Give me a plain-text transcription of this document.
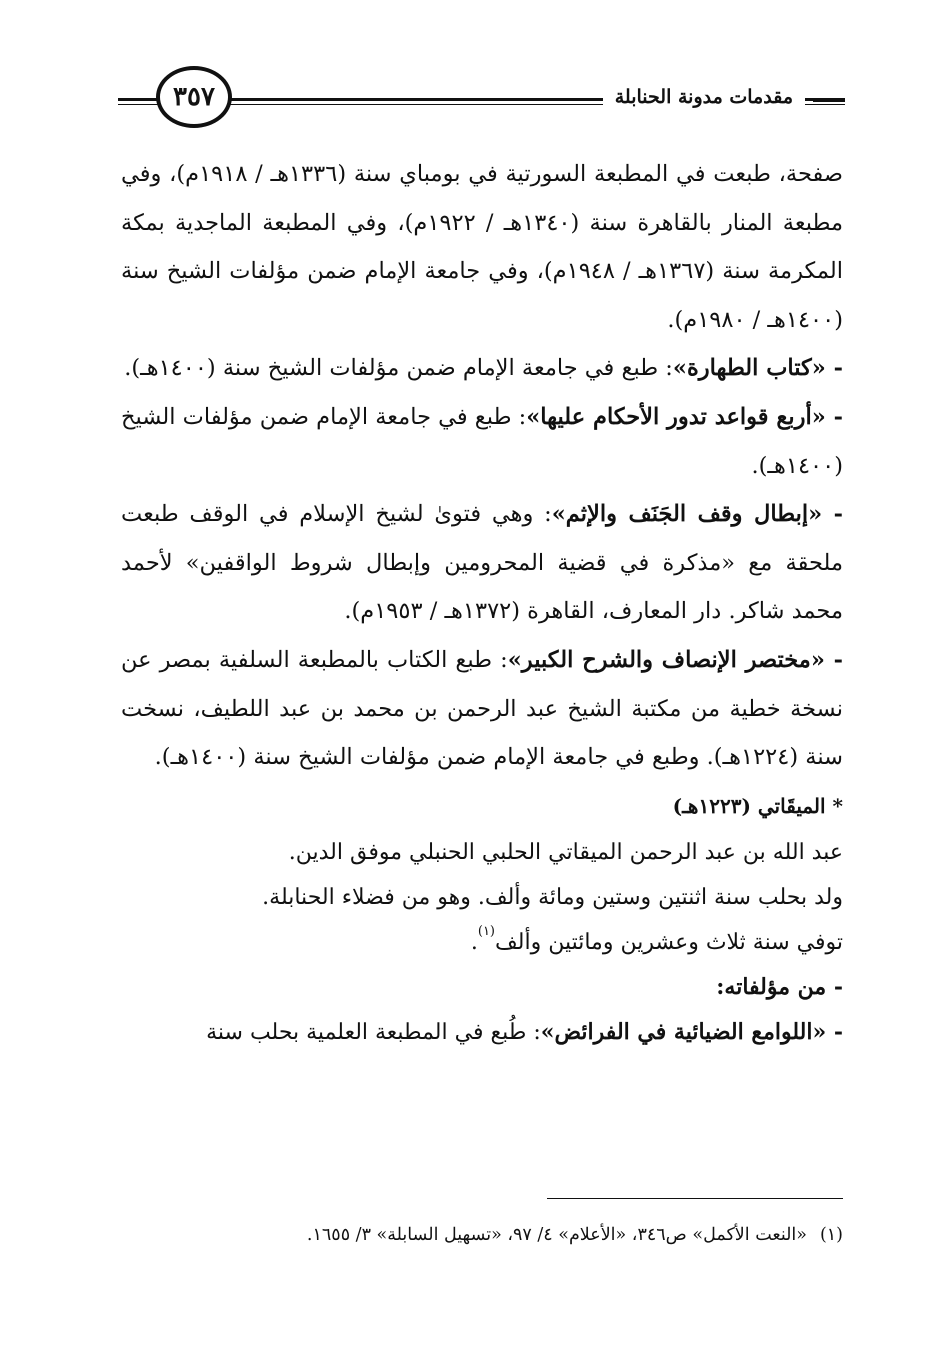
مقدمات مدونة الحنابلة
٣٥٧

صفحة، طبعت في المطبعة السورتية في بومباي سنة (١٣٣٦هـ / ١٩١٨م)، وفي مطبعة المنار بالقاهرة سنة (١٣٤٠هـ / ١٩٢٢م)، وفي المطبعة الماجدية بمكة المكرمة سنة (١٣٦٧هـ / ١٩٤٨م)، وفي جامعة الإمام ضمن مؤلفات الشيخ سنة (١٤٠٠هـ / ١٩٨٠م).

- «كتاب الطهارة»: طبع في جامعة الإمام ضمن مؤلفات الشيخ سنة (١٤٠٠هـ).

- «أربع قواعد تدور الأحكام عليها»: طبع في جامعة الإمام ضمن مؤلفات الشيخ (١٤٠٠هـ).

- «إبطال وقف الجَنَف والإثم»: وهي فتوىٰ لشيخ الإسلام في الوقف طبعت ملحقة مع «مذكرة في قضية المحرومين وإبطال شروط الواقفين» لأحمد محمد شاكر. دار المعارف، القاهرة (١٣٧٢هـ / ١٩٥٣م).

- «مختصر الإنصاف والشرح الكبير»: طبع الكتاب بالمطبعة السلفية بمصر عن نسخة خطية من مكتبة الشيخ عبد الرحمن بن محمد بن عبد اللطيف، نسخت سنة (١٢٢٤هـ). وطبع في جامعة الإمام ضمن مؤلفات الشيخ سنة (١٤٠٠هـ).

* الميقَاتي (١٢٢٣هـ)

عبد الله بن عبد الرحمن الميقاتي الحلبي الحنبلي موفق الدين.

ولد بحلب سنة اثنتين وستين ومائة وألف. وهو من فضلاء الحنابلة.

توفي سنة ثلاث وعشرين ومائتين وألف$^{(١)}$.

- من مؤلفاته:

- «اللوامع الضيائية في الفرائض»: طُبع في المطبعة العلمية بحلب سنة

(١)«النعت الأكمل» ص٣٤٦، «الأعلام» ٤/ ٩٧، «تسهيل السابلة» ٣/ ١٦٥٥.
